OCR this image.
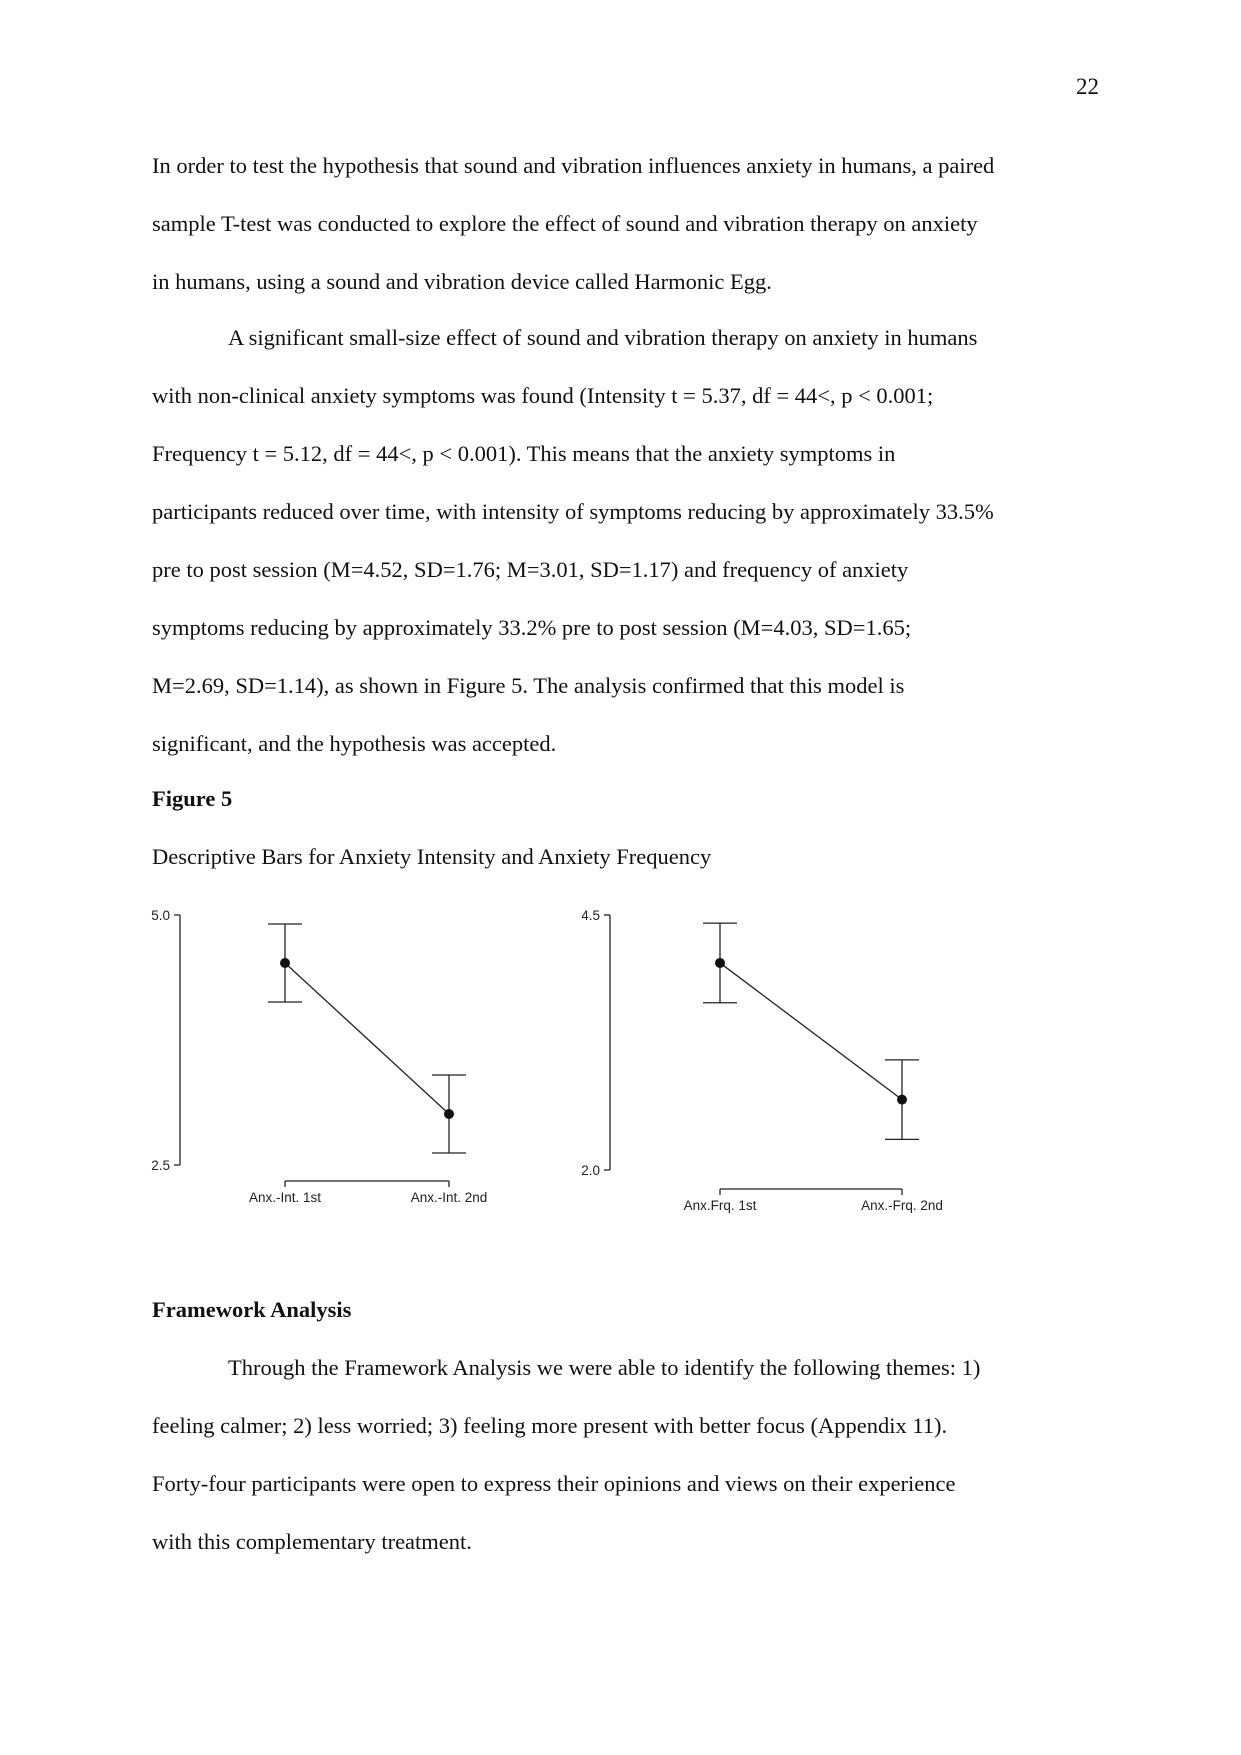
22
In order to test the hypothesis that sound and vibration influences anxiety in humans, a paired
sample T-test was conducted to explore the effect of sound and vibration therapy on anxiety
in humans, using a sound and vibration device called Harmonic Egg.
A significant small-size effect of sound and vibration therapy on anxiety in humans
with non-clinical anxiety symptoms was found (Intensity t = 5.37, df = 44<, p < 0.001;
Frequency t = 5.12, df = 44<, p < 0.001). This means that the anxiety symptoms in
participants reduced over time, with intensity of symptoms reducing by approximately 33.5%
pre to post session (M=4.52, SD=1.76; M=3.01, SD=1.17) and frequency of anxiety
symptoms reducing by approximately 33.2% pre to post session (M=4.03, SD=1.65;
M=2.69, SD=1.14), as shown in Figure 5. The analysis confirmed that this model is
significant, and the hypothesis was accepted.
Figure 5
Descriptive Bars for Anxiety Intensity and Anxiety Frequency
2.5
5.0
Anx.-Int. 1st	Anx.-Int. 2nd
2.0
4.5
Anx.Frq. 1st	Anx.-Frq. 2nd
Framework Analysis
Through the Framework Analysis we were able to identify the following themes: 1)
feeling calmer; 2) less worried; 3) feeling more present with better focus (Appendix 11).
Forty-four participants were open to express their opinions and views on their experience
with this complementary treatment.
